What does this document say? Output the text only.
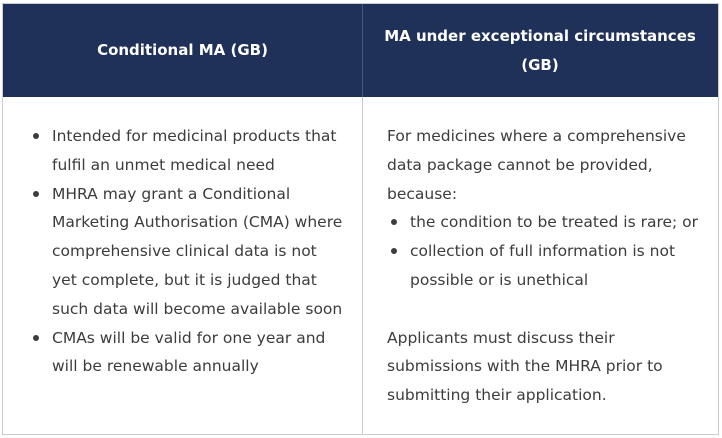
Conditional MA (GB)
MA under exceptional circumstances (GB)
Intended for medicinal products that fulfil an unmet medical need
MHRA may grant a Conditional Marketing Authorisation (CMA) where comprehensive clinical data is not yet complete, but it is judged that such data will become available soon
CMAs will be valid for one year and will be renewable annually

For medicines where a comprehensive data package cannot be provided, because:

the condition to be treated is rare; or
collection of full information is not possible or is unethical

Applicants must discuss their submissions with the MHRA prior to submitting their application.
